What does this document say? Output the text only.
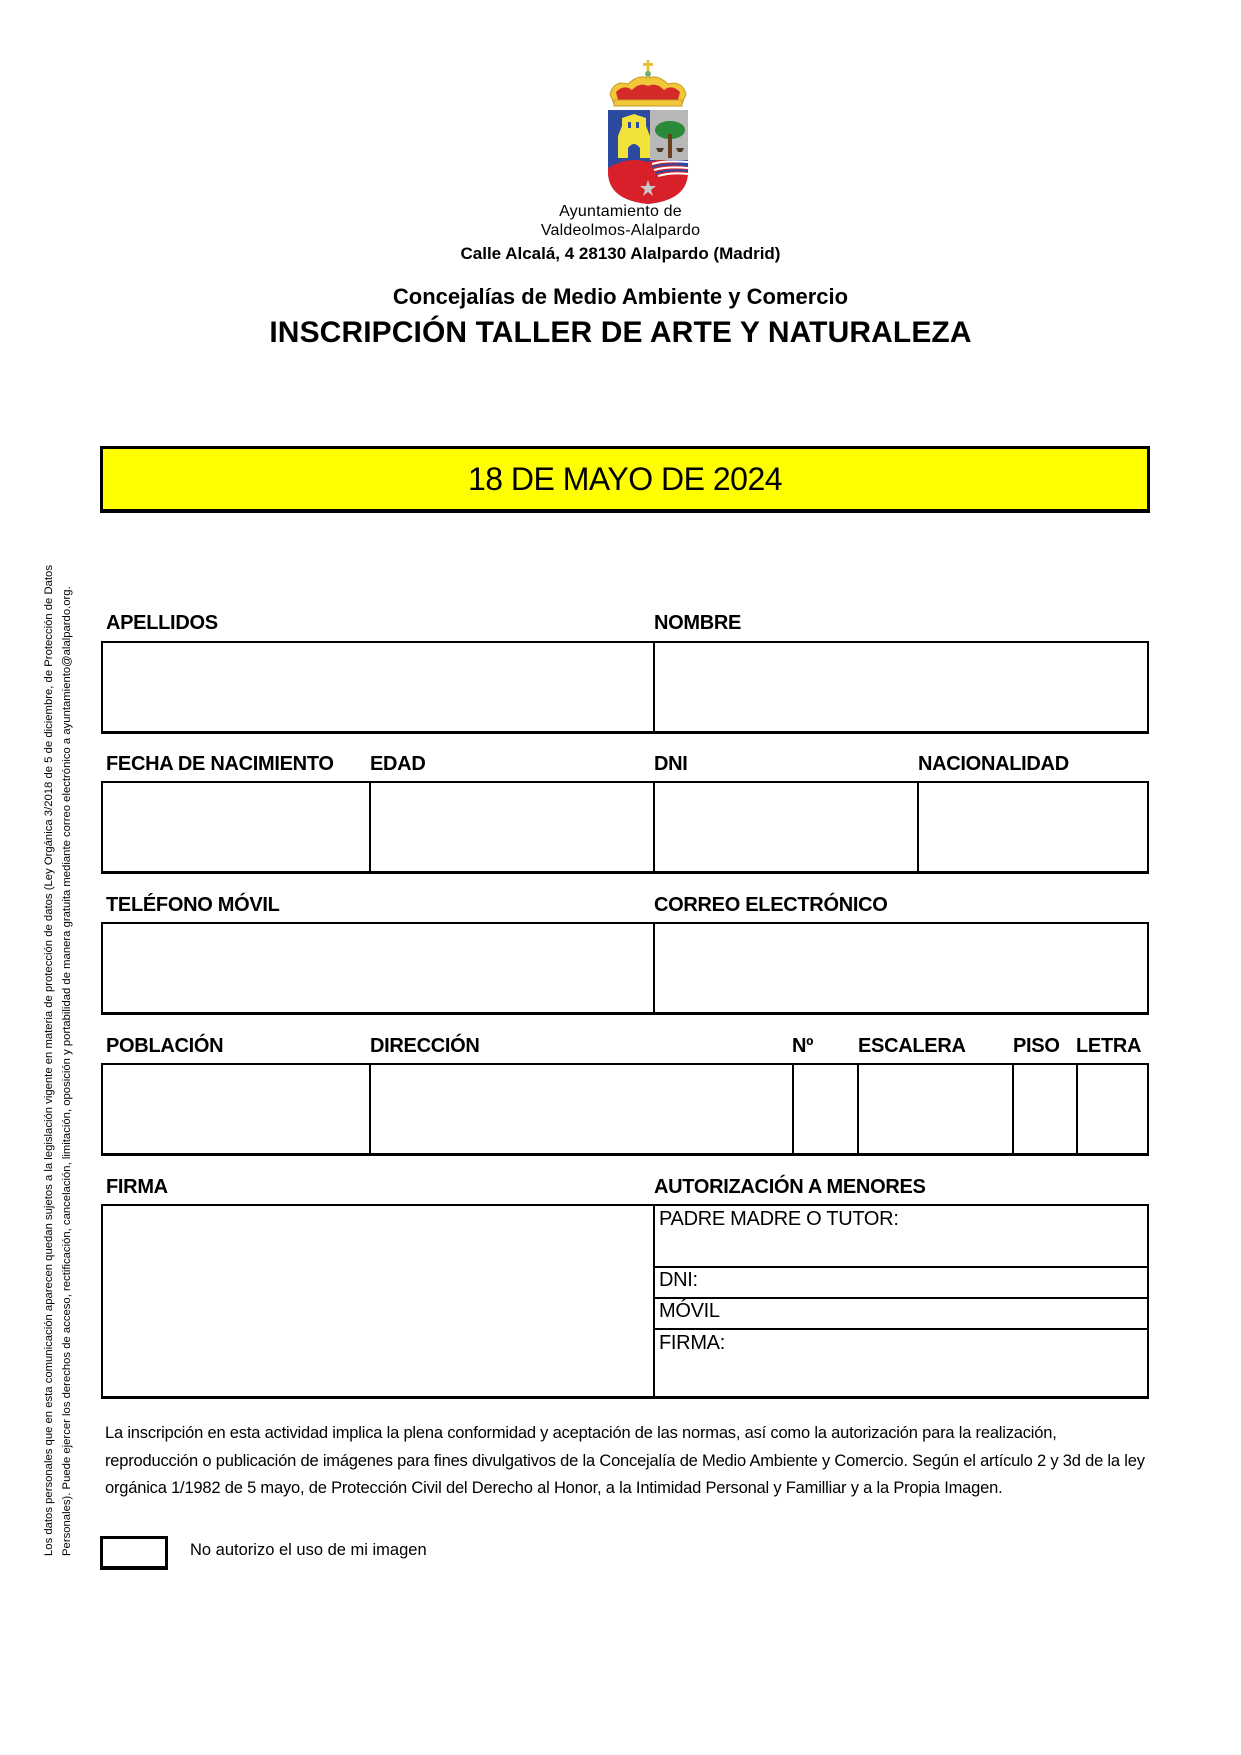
Ayuntamiento de
Valdeolmos-Alalpardo
Calle Alcalá, 4 28130 Alalpardo (Madrid)
Concejalías de Medio Ambiente y Comercio
INSCRIPCIÓN TALLER DE ARTE Y NATURALEZA
Los datos personales que en esta comunicación aparecen quedan sujetos a la legislación vigente en materia de protección de datos (Ley Orgánica 3/2018 de 5 de diciembre, de Protección de Datos Personales). Puede ejercer los derechos de acceso, rectificación, cancelación, limitación, oposición y portabilidad de manera gratuita mediante correo electrónico a ayuntamiento@alalpardo.org.
18 DE MAYO DE 2024
APELLIDOS	NOMBRE
FECHA DE NACIMIENTO EDAD	DNI	NACIONALIDAD
TELÉFONO MÓVIL	CORREO ELECTRÓNICO
POBLACIÓN	DIRECCIÓN	Nº ESCALERA PISO LETRA
FIRMA	AUTORIZACIÓN A MENORES
PADRE MADRE O TUTOR:
DNI:
MÓVIL
FIRMA:
La inscripción en esta actividad implica la plena conformidad y aceptación de las normas, así como la autorización para la realización, reproducción o publicación de imágenes para fines divulgativos de la Concejalía de Medio Ambiente y Comercio. Según el artículo 2 y 3d de la ley orgánica 1/1982 de 5 mayo, de Protección Civil del Derecho al Honor, a la Intimidad Personal y Familliar y a la Propia Imagen.
No autorizo el uso de mi imagen
